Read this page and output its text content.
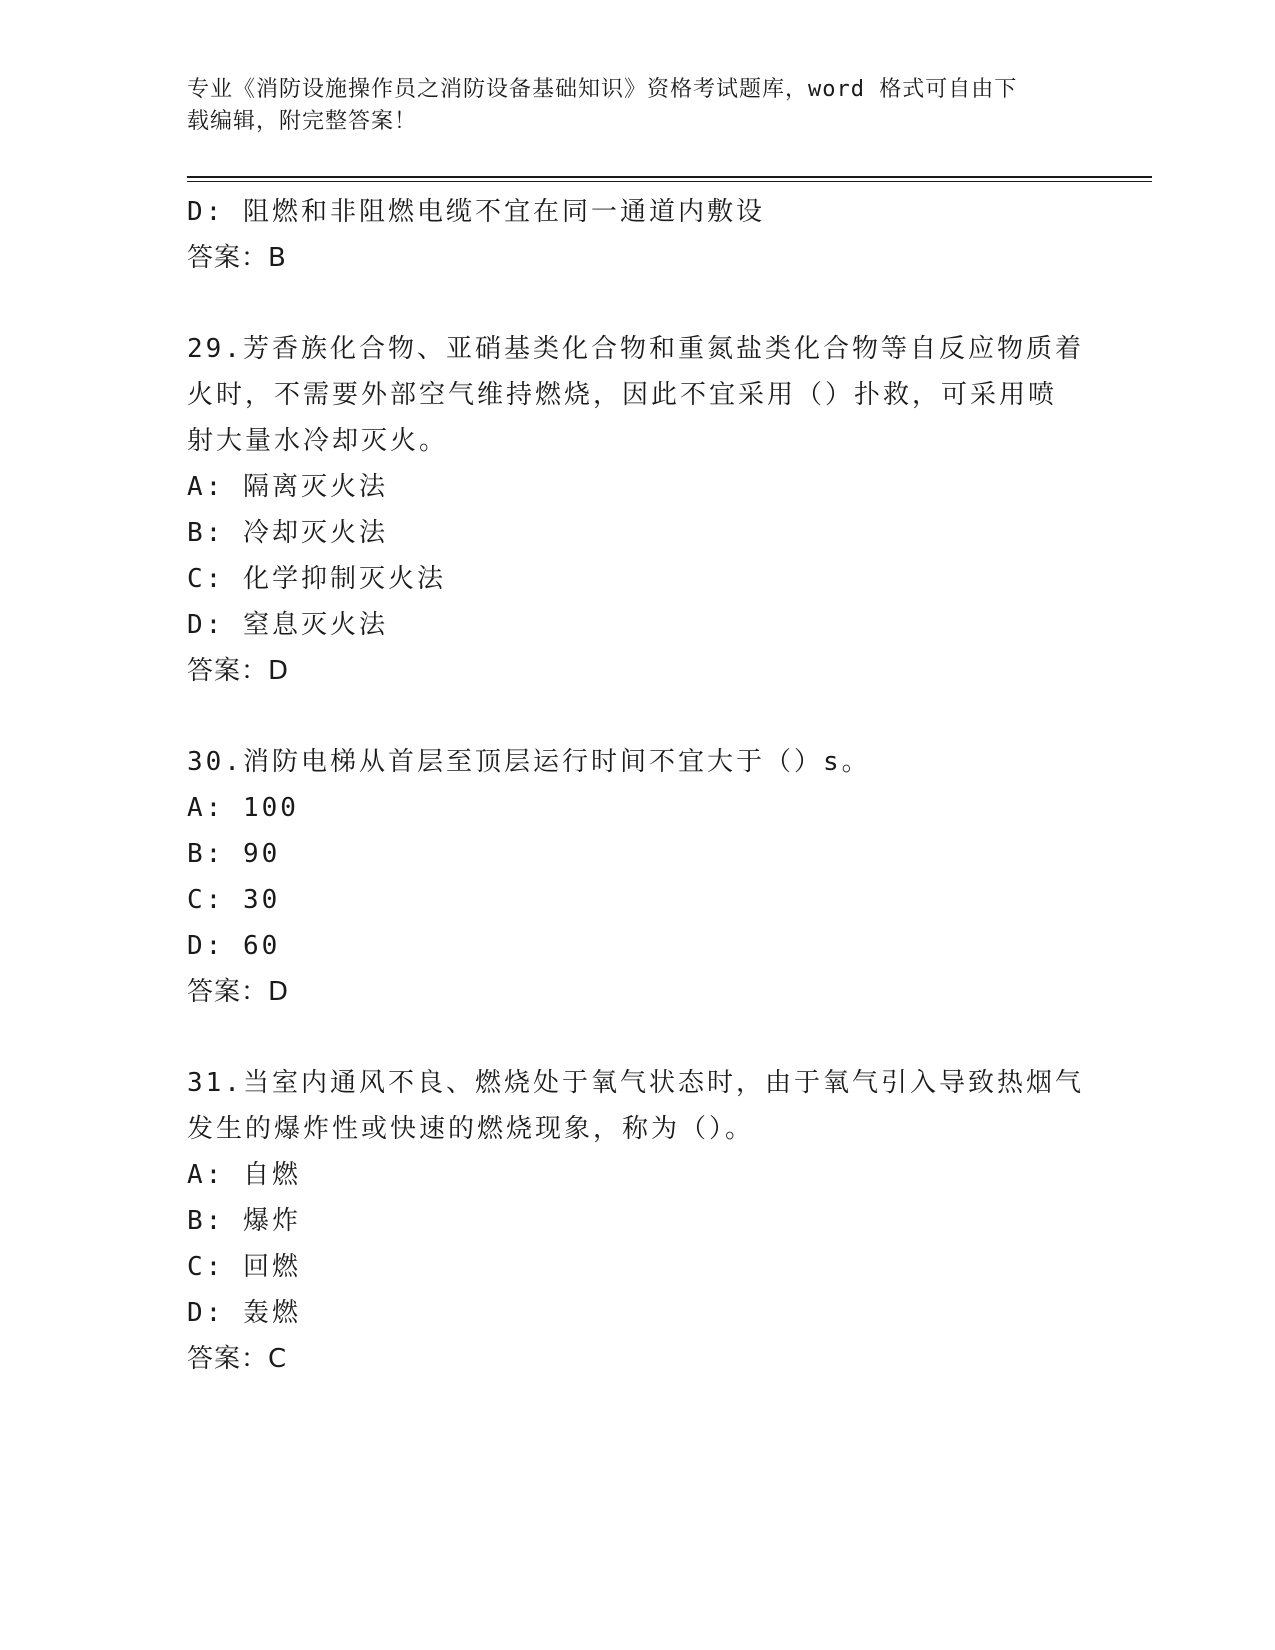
专业《消防设施操作员之消防设备基础知识》资格考试题库，word 格式可自由下
载编辑，附完整答案！
D: 阻燃和非阻燃电缆不宜在同一通道内敷设
答案：B
29.芳香族化合物、亚硝基类化合物和重氮盐类化合物等自反应物质着
火时，不需要外部空气维持燃烧，因此不宜采用（）扑救，可采用喷
射大量水冷却灭火。
A: 隔离灭火法
B: 冷却灭火法
C: 化学抑制灭火法
D: 窒息灭火法
答案：D
30.消防电梯从首层至顶层运行时间不宜大于（）s。
A: 100
B: 90
C: 30
D: 60
答案：D
31.当室内通风不良、燃烧处于氧气状态时，由于氧气引入导致热烟气
发生的爆炸性或快速的燃烧现象，称为（）。
A: 自燃
B: 爆炸
C: 回燃
D: 轰燃
答案：C
